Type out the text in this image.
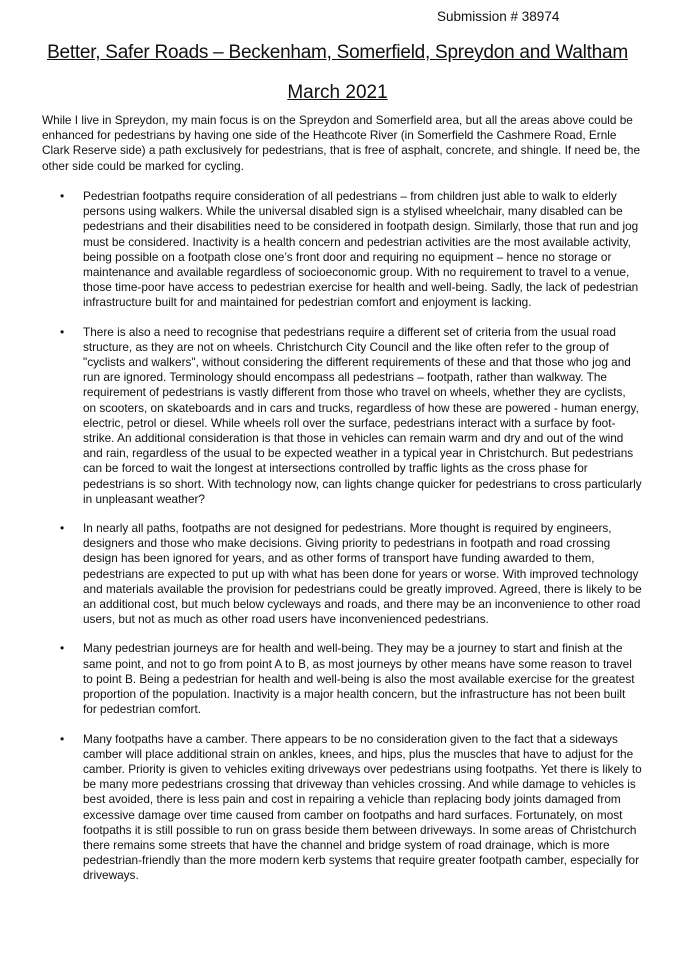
Submission # 38974
Better, Safer Roads – Beckenham, Somerfield, Spreydon and Waltham
March 2021

While I live in Spreydon, my main focus is on the Spreydon and Somerfield area, but all the areas above could be enhanced for pedestrians by having one side of the Heathcote River (in Somerfield the Cashmere Road, Ernle Clark Reserve side) a path exclusively for pedestrians, that is free of asphalt, concrete, and shingle. If need be, the other side could be marked for cycling.

• Pedestrian footpaths require consideration of all pedestrians – from children just able to walk to elderly persons using walkers. While the universal disabled sign is a stylised wheelchair, many disabled can be pedestrians and their disabilities need to be considered in footpath design. Similarly, those that run and jog must be considered. Inactivity is a health concern and pedestrian activities are the most available activity, being possible on a footpath close one’s front door and requiring no equipment – hence no storage or maintenance and available regardless of socioeconomic group. With no requirement to travel to a venue, those time-poor have access to pedestrian exercise for health and well-being. Sadly, the lack of pedestrian infrastructure built for and maintained for pedestrian comfort and enjoyment is lacking.
• There is also a need to recognise that pedestrians require a different set of criteria from the usual road structure, as they are not on wheels. Christchurch City Council and the like often refer to the group of "cyclists and walkers", without considering the different requirements of these and that those who jog and run are ignored. Terminology should encompass all pedestrians – footpath, rather than walkway. The requirement of pedestrians is vastly different from those who travel on wheels, whether they are cyclists, on scooters, on skateboards and in cars and trucks, regardless of how these are powered - human energy, electric, petrol or diesel. While wheels roll over the surface, pedestrians interact with a surface by foot-strike. An additional consideration is that those in vehicles can remain warm and dry and out of the wind and rain, regardless of the usual to be expected weather in a typical year in Christchurch. But pedestrians can be forced to wait the longest at intersections controlled by traffic lights as the cross phase for pedestrians is so short. With technology now, can lights change quicker for pedestrians to cross particularly in unpleasant weather?
• In nearly all paths, footpaths are not designed for pedestrians. More thought is required by engineers, designers and those who make decisions. Giving priority to pedestrians in footpath and road crossing design has been ignored for years, and as other forms of transport have funding awarded to them, pedestrians are expected to put up with what has been done for years or worse. With improved technology and materials available the provision for pedestrians could be greatly improved. Agreed, there is likely to be an additional cost, but much below cycleways and roads, and there may be an inconvenience to other road users, but not as much as other road users have inconvenienced pedestrians.
• Many pedestrian journeys are for health and well-being. They may be a journey to start and finish at the same point, and not to go from point A to B, as most journeys by other means have some reason to travel to point B. Being a pedestrian for health and well-being is also the most available exercise for the greatest proportion of the population. Inactivity is a major health concern, but the infrastructure has not been built for pedestrian comfort.
• Many footpaths have a camber. There appears to be no consideration given to the fact that a sideways camber will place additional strain on ankles, knees, and hips, plus the muscles that have to adjust for the camber. Priority is given to vehicles exiting driveways over pedestrians using footpaths. Yet there is likely to be many more pedestrians crossing that driveway than vehicles crossing. And while damage to vehicles is best avoided, there is less pain and cost in repairing a vehicle than replacing body joints damaged from excessive damage over time caused from camber on footpaths and hard surfaces. Fortunately, on most footpaths it is still possible to run on grass beside them between driveways. In some areas of Christchurch there remains some streets that have the channel and bridge system of road drainage, which is more pedestrian-friendly than the more modern kerb systems that require greater footpath camber, especially for driveways.
